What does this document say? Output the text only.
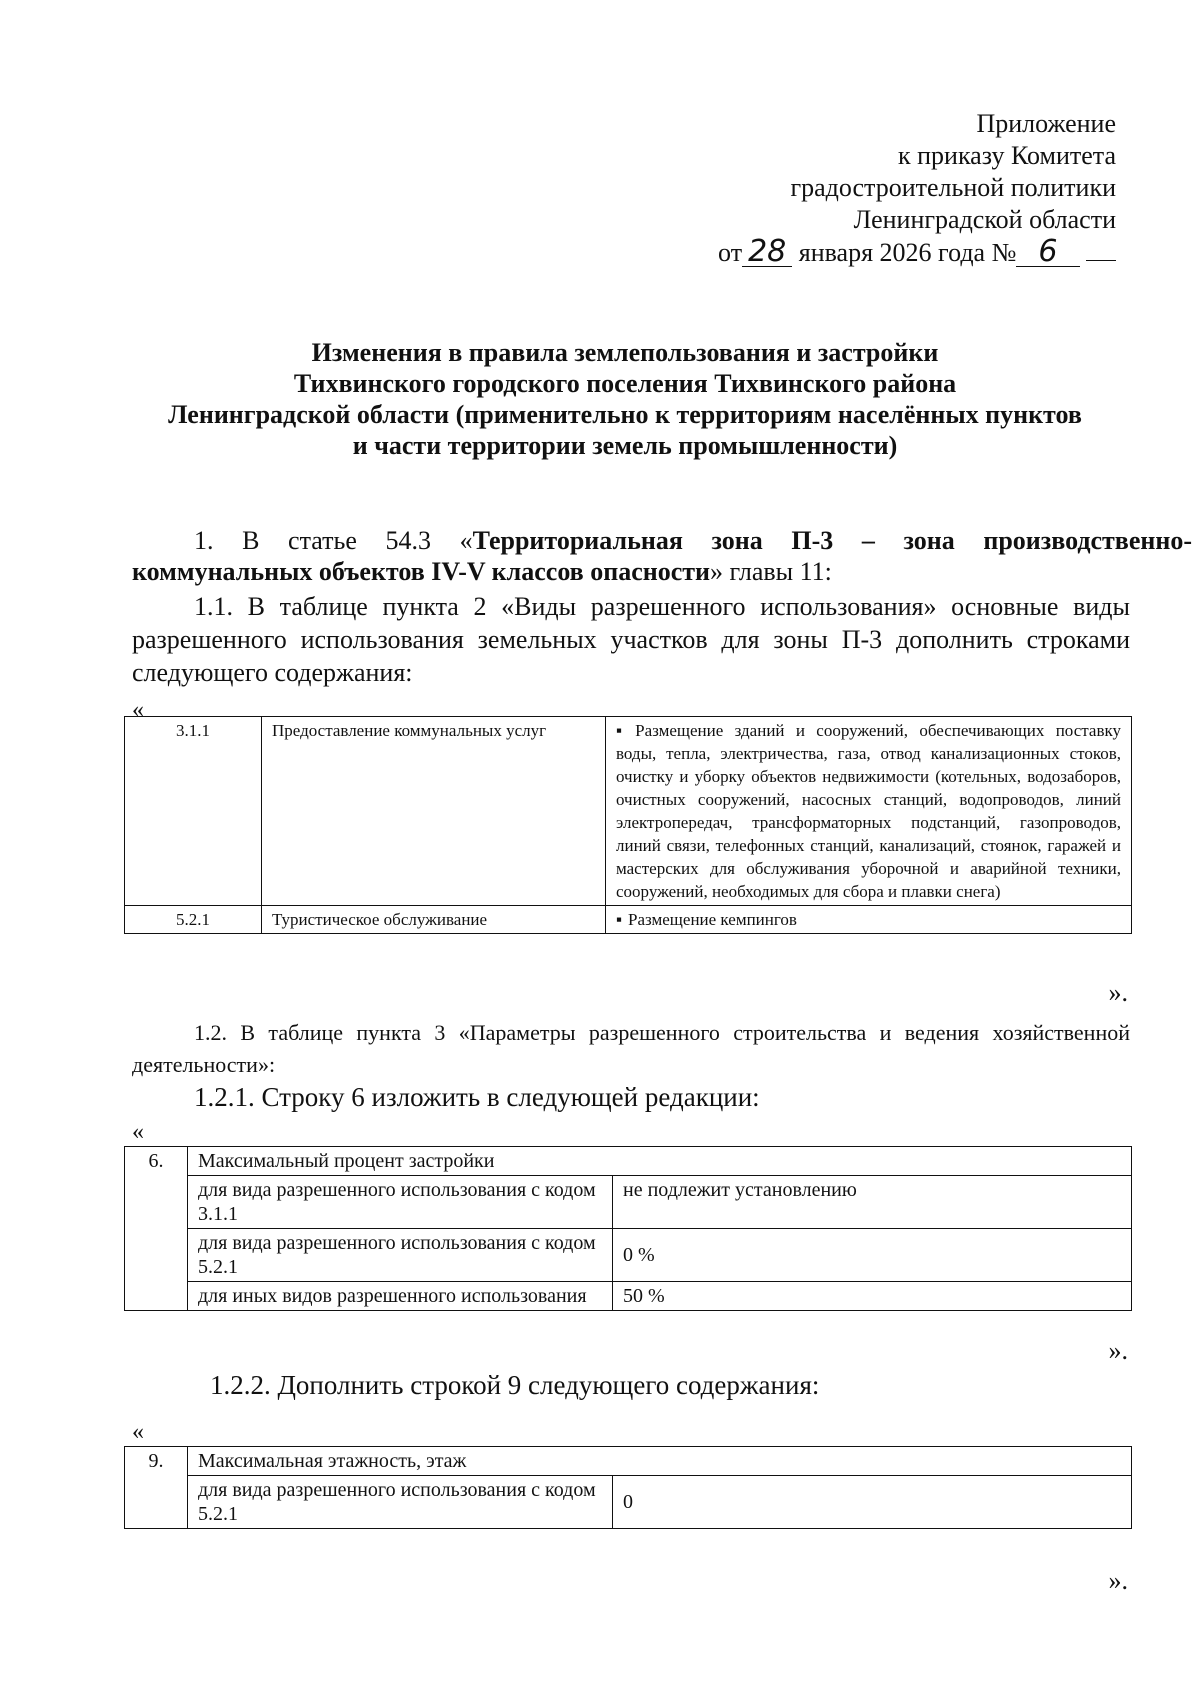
Приложение
к приказу Комитета
градостроительной политики
Ленинградской области
от 28 января 2026 года № 6
Изменения в правила землепользования и застройки
Тихвинского городского поселения Тихвинского района
Ленинградской области (применительно к территориям населённых пунктов
и части территории земель промышленности)
1. В статье 54.3 «Территориальная зона П-3 – зона производственно-
коммунальных объектов IV-V классов опасности» главы 11:
1.1. В таблице пункта 2 «Виды разрешенного использования» основные виды разрешенного использования земельных участков для зоны П-3 дополнить строками следующего содержания:
«
3.1.1	Предоставление коммунальных услуг	▪ Размещение зданий и сооружений, обеспечивающих поставку воды, тепла, электричества, газа, отвод канализационных стоков, очистку и уборку объектов недвижимости (котельных, водозаборов, очистных сооружений, насосных станций, водопроводов, линий электропередач, трансформаторных подстанций, газопроводов, линий связи, телефонных станций, канализаций, стоянок, гаражей и мастерских для обслуживания уборочной и аварийной техники, сооружений, необходимых для сбора и плавки снега)
5.2.1	Туристическое обслуживание	▪ Размещение кемпингов
».
1.2. В таблице пункта 3 «Параметры разрешенного строительства и ведения хозяйственной деятельности»:
1.2.1. Строку 6 изложить в следующей редакции:
«
6.	Максимальный процент застройки	
	для вида разрешенного использования с кодом 3.1.1	не подлежит установлению
	для вида разрешенного использования с кодом 5.2.1	0 %
	для иных видов разрешенного использования	50 %
».
1.2.2. Дополнить строкой 9 следующего содержания:
«
9.	Максимальная этажность, этаж	
	для вида разрешенного использования с кодом 5.2.1	0
».
